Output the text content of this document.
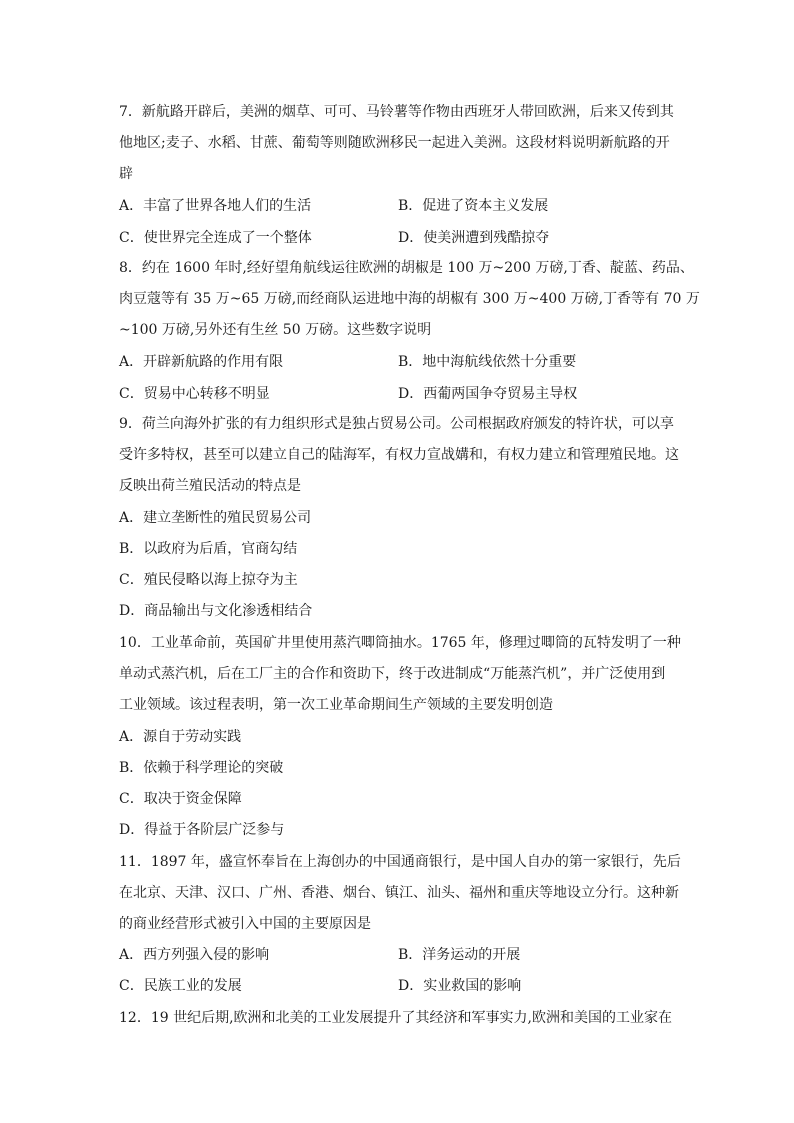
7．新航路开辟后，美洲的烟草、可可、马铃薯等作物由西班牙人带回欧洲，后来又传到其
他地区;麦子、水稻、甘蔗、葡萄等则随欧洲移民一起进入美洲。这段材料说明新航路的开
辟
A．丰富了世界各地人们的生活	B．促进了资本主义发展
C．使世界完全连成了一个整体	D．使美洲遭到残酷掠夺
8．约在 1600 年时,经好望角航线运往欧洲的胡椒是 100 万~200 万磅,丁香、靛蓝、药品、
肉豆蔻等有 35 万~65 万磅,而经商队运进地中海的胡椒有 300 万~400 万磅,丁香等有 70 万
~100 万磅,另外还有生丝 50 万磅。这些数字说明
A．开辟新航路的作用有限	B．地中海航线依然十分重要
C．贸易中心转移不明显	D．西葡两国争夺贸易主导权
9．荷兰向海外扩张的有力组织形式是独占贸易公司。公司根据政府颁发的特许状，可以享
受许多特权，甚至可以建立自己的陆海军，有权力宣战媾和，有权力建立和管理殖民地。这
反映出荷兰殖民活动的特点是
A．建立垄断性的殖民贸易公司
B．以政府为后盾，官商勾结
C．殖民侵略以海上掠夺为主
D．商品输出与文化渗透相结合
10．工业革命前，英国矿井里使用蒸汽唧筒抽水。1765 年，修理过唧筒的瓦特发明了一种
单动式蒸汽机，后在工厂主的合作和资助下，终于改进制成“万能蒸汽机”，并广泛使用到
工业领域。该过程表明，第一次工业革命期间生产领域的主要发明创造
A．源自于劳动实践
B．依赖于科学理论的突破
C．取决于资金保障
D．得益于各阶层广泛参与
11．1897 年，盛宣怀奉旨在上海创办的中国通商银行，是中国人自办的第一家银行，先后
在北京、天津、汉口、广州、香港、烟台、镇江、汕头、福州和重庆等地设立分行。这种新
的商业经营形式被引入中国的主要原因是
A．西方列强入侵的影响	B．洋务运动的开展
C．民族工业的发展	D．实业救国的影响
12．19 世纪后期,欧洲和北美的工业发展提升了其经济和军事实力,欧洲和美国的工业家在
